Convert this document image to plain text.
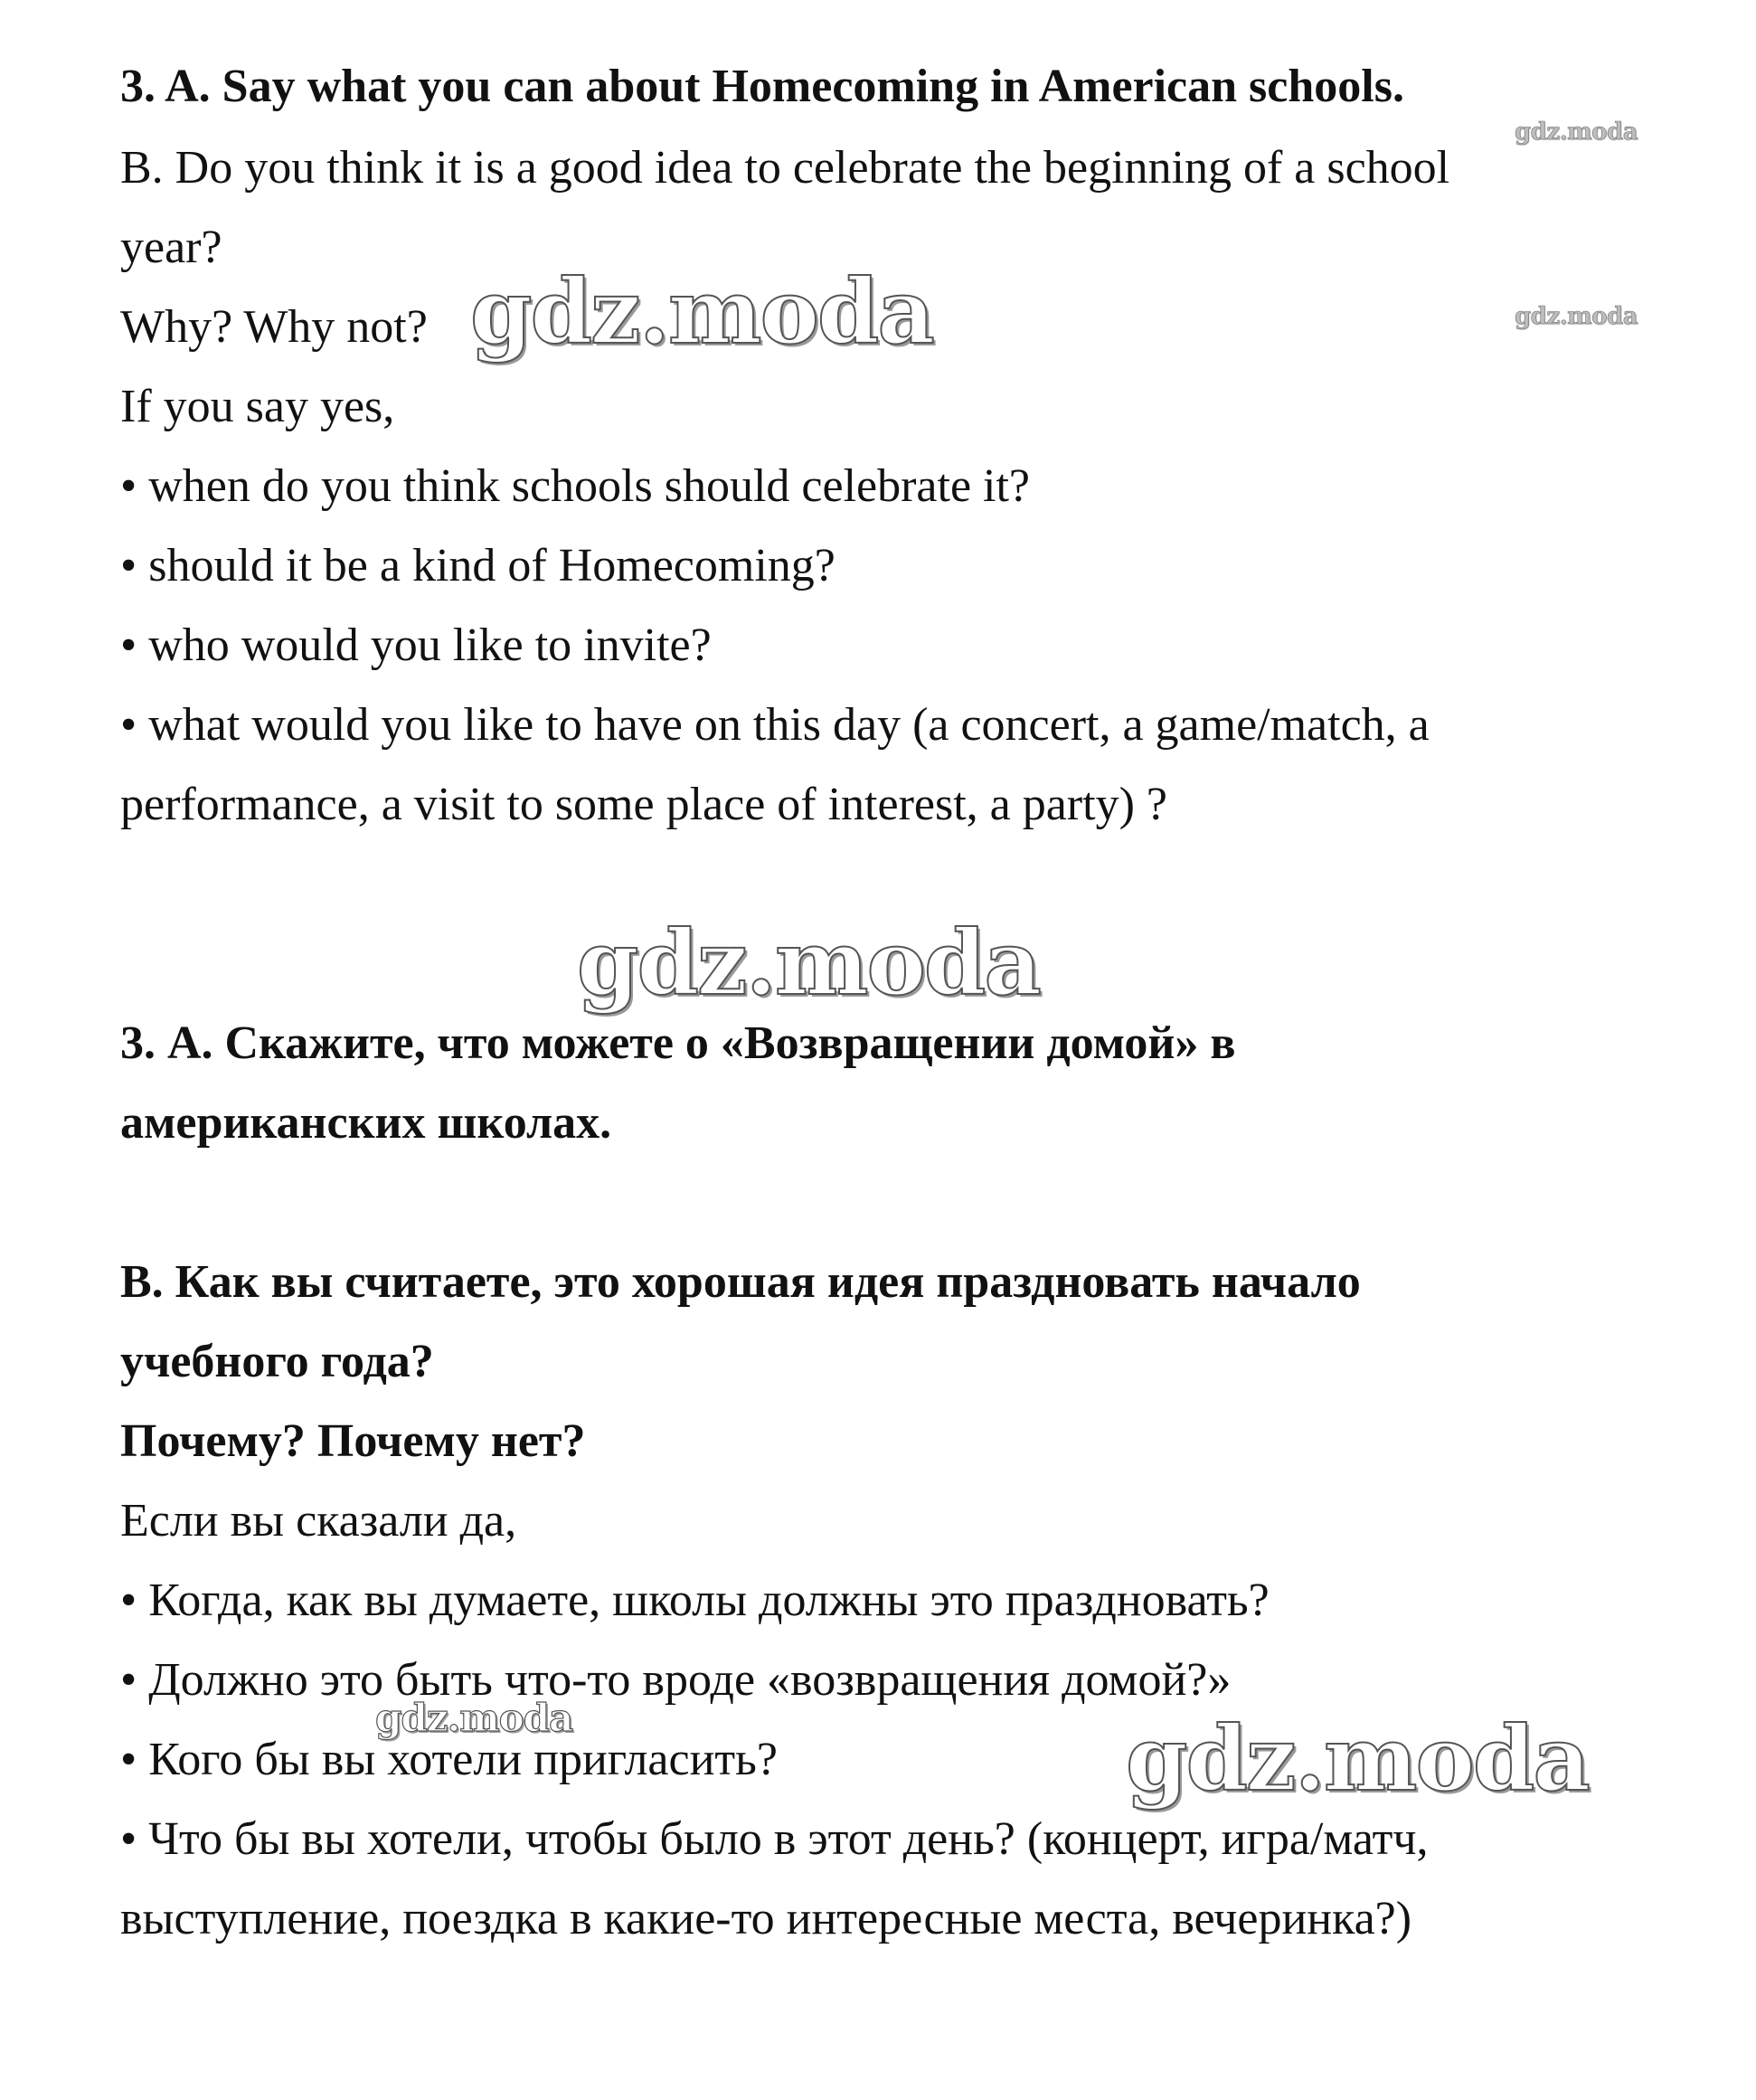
3. A. Say what you can about Homecoming in American schools.

B. Do you think it is a good idea to celebrate the beginning of a school

year?

Why? Why not?

If you say yes,

• when do you think schools should celebrate it?

• should it be a kind of Homecoming?

• who would you like to invite?

• what would you like to have on this day (a concert, a game/match, a

performance, a visit to some place of interest, a party) ?

3. А. Скажите, что можете о «Возвращении домой» в

американских школах.

В. Как вы считаете, это хорошая идея праздновать начало

учебного года?

Почему? Почему нет?

Если вы сказали да,

• Когда, как вы думаете, школы должны это праздновать?

• Должно это быть что-то вроде «возвращения домой?»

• Кого бы вы хотели пригласить?

• Что бы вы хотели, чтобы было в этот день? (концерт, игра/матч,

выступление, поездка в какие-то интересные места, вечеринка?)

gdz.moda
gdz.moda
gdz.moda
gdz.moda
gdz.moda	gdz.moda
